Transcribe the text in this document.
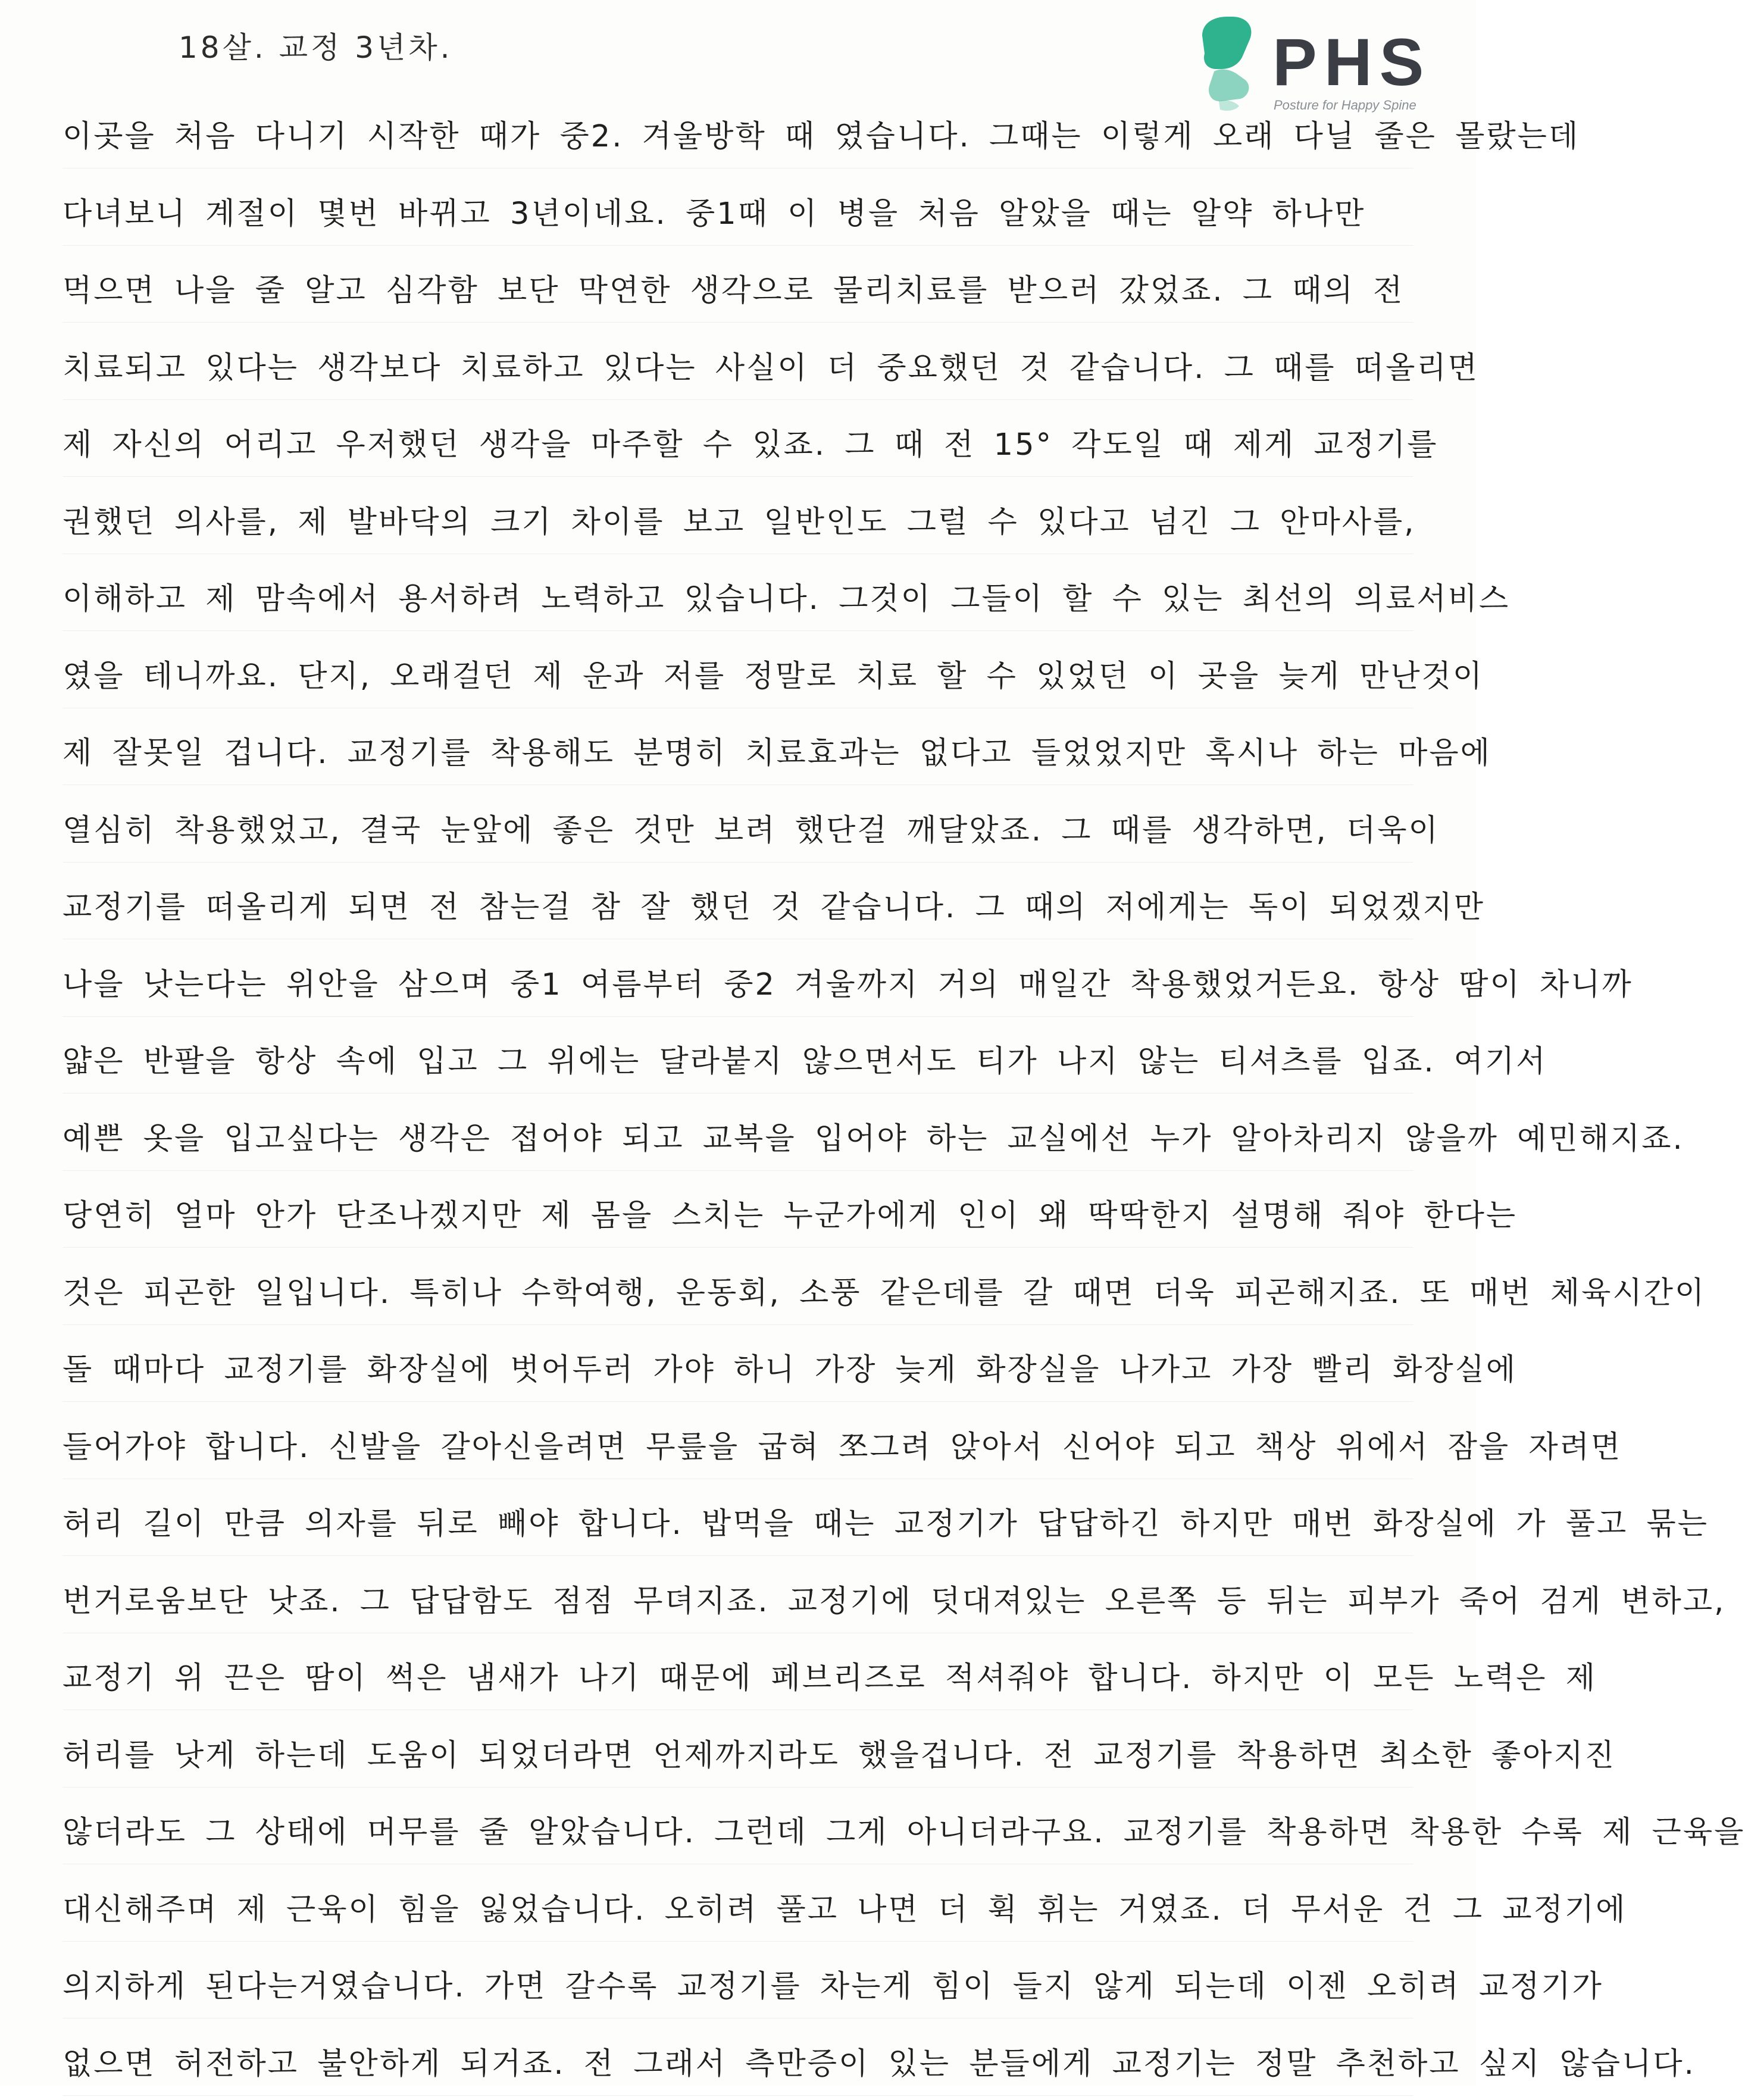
18살. 교정 3년차.	PHS
Posture for Happy Spine
이곳을 처음 다니기 시작한 때가 중2. 겨울방학 때 였습니다. 그때는 이렇게 오래 다닐 줄은 몰랐는데
다녀보니 계절이 몇번 바뀌고 3년이네요. 중1때 이 병을 처음 알았을 때는 알약 하나만
먹으면 나을 줄 알고 심각함 보단 막연한 생각으로 물리치료를 받으러 갔었죠. 그 때의 전
치료되고 있다는 생각보다 치료하고 있다는 사실이 더 중요했던 것 같습니다. 그 때를 떠올리면
제 자신의 어리고 우저했던 생각을 마주할 수 있죠. 그 때 전 15° 각도일 때 제게 교정기를
권했던 의사를, 제 발바닥의 크기 차이를 보고 일반인도 그럴 수 있다고 넘긴 그 안마사를,
이해하고 제 맘속에서 용서하려 노력하고 있습니다. 그것이 그들이 할 수 있는 최선의 의료서비스
였을 테니까요. 단지, 오래걸던 제 운과 저를 정말로 치료 할 수 있었던 이 곳을 늦게 만난것이
제 잘못일 겁니다. 교정기를 착용해도 분명히 치료효과는 없다고 들었었지만 혹시나 하는 마음에
열심히 착용했었고, 결국 눈앞에 좋은 것만 보려 했단걸 깨달았죠. 그 때를 생각하면, 더욱이
교정기를 떠올리게 되면 전 참는걸 참 잘 했던 것 같습니다. 그 때의 저에게는 독이 되었겠지만
나을 낫는다는 위안을 삼으며 중1 여름부터 중2 겨울까지 거의 매일간 착용했었거든요. 항상 땀이 차니까
얇은 반팔을 항상 속에 입고 그 위에는 달라붙지 않으면서도 티가 나지 않는 티셔츠를 입죠. 여기서
예쁜 옷을 입고싶다는 생각은 접어야 되고 교복을 입어야 하는 교실에선 누가 알아차리지 않을까 예민해지죠.
당연히 얼마 안가 단조나겠지만 제 몸을 스치는 누군가에게 인이 왜 딱딱한지 설명해 줘야 한다는
것은 피곤한 일입니다. 특히나 수학여행, 운동회, 소풍 같은데를 갈 때면 더욱 피곤해지죠. 또 매번 체육시간이
돌 때마다 교정기를 화장실에 벗어두러 가야 하니 가장 늦게 화장실을 나가고 가장 빨리 화장실에
들어가야 합니다. 신발을 갈아신을려면 무릎을 굽혀 쪼그려 앉아서 신어야 되고 책상 위에서 잠을 자려면
허리 길이 만큼 의자를 뒤로 빼야 합니다. 밥먹을 때는 교정기가 답답하긴 하지만 매번 화장실에 가 풀고 묶는
번거로움보단 낫죠. 그 답답함도 점점 무뎌지죠. 교정기에 덧대져있는 오른쪽 등 뒤는 피부가 죽어 검게 변하고,
교정기 위 끈은 땀이 썩은 냄새가 나기 때문에 페브리즈로 적셔줘야 합니다. 하지만 이 모든 노력은 제
허리를 낫게 하는데 도움이 되었더라면 언제까지라도 했을겁니다. 전 교정기를 착용하면 최소한 좋아지진
않더라도 그 상태에 머무를 줄 알았습니다. 그런데 그게 아니더라구요. 교정기를 착용하면 착용한 수록 제 근육을
대신해주며 제 근육이 힘을 잃었습니다. 오히려 풀고 나면 더 휙 휘는 거였죠. 더 무서운 건 그 교정기에
의지하게 된다는거였습니다. 가면 갈수록 교정기를 차는게 힘이 들지 않게 되는데 이젠 오히려 교정기가
없으면 허전하고 불안하게 되거죠. 전 그래서 측만증이 있는 분들에게 교정기는 정말 추천하고 싶지 않습니다.
